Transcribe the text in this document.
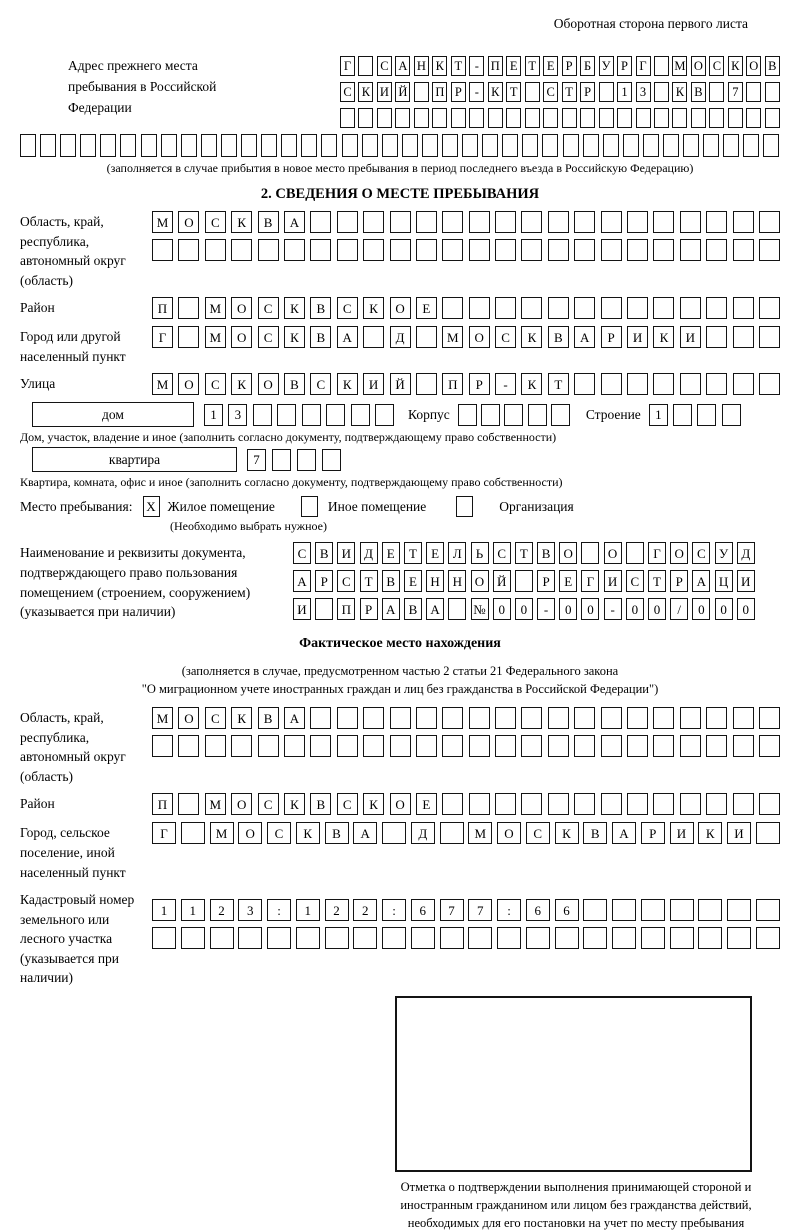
Оборотная сторона первого листа
Адрес прежнего места пребывания в Российской Федерации
Г	С А Н К Т	- П Е Т Е Р Б У Р Г	М О С К О В
С К И Й П Р	- К Т С Т Р	1 3	К В	7
(заполняется в случае прибытия в новое место пребывания в период последнего въезда в Российскую Федерацию)
2. СВЕДЕНИЯ О МЕСТЕ ПРЕБЫВАНИЯ
Область, край, республика, автономный округ (область)
М	О	С	К	В	А
Район	П	М	О	С	К	В	С	К	О	Е
Город или другой населенный пункт
Г	М	О	С	К	В	А	Д	М	О	С	К	В	А	Р	И	К	И
Улица	М	О	С	К	О	В	С	К	И	Й	П	Р	-	К	Т
дом	1	3	Корпус	Строение	1
Дом, участок, владение и иное (заполнить согласно документу, подтверждающему право собственности)
квартира	7
Квартира, комната, офис и иное (заполнить согласно документу, подтверждающему право собственности)
Место пребывания: X Жилое помещение	Иное помещение	Организация
(Необходимо выбрать нужное)
Наименование и реквизиты документа, подтверждающего право пользования помещением (строением, сооружением) (указывается при наличии)
С	В	И	Д	Е	Т	Е	Л	Ь	С	Т	В	О	О	Г	О	С	У	Д
А	Р	С	Т	В	Е	Н Н О Й	Р	Е	Г	И	С	Т	Р	А Ц И
И	П	Р	А	В	А	№ 0	0	-	0	0	-	0	0	/	0	0	0
Фактическое место нахождения
(заполняется в случае, предусмотренном частью 2 статьи 21 Федерального закона
"О миграционном учете иностранных граждан и лиц без гражданства в Российской Федерации")
Область, край, республика, автономный округ (область)
М	О	С	К	В	А
Район	П	М	О	С	К	В	С	К	О	Е
Город, сельское поселение, иной населенный пункт
Г	М	О	С	К	В	А	Д	М	О	С	К	В	А	Р	И	К	И
Кадастровый номер земельного или лесного участка (указывается при наличии)
1	1	2	3	:	1	2	2	:	6	7	7	:	6	6
Отметка о подтверждении выполнения принимающей стороной и иностранным гражданином или лицом без гражданства действий, необходимых для его постановки на учет по месту пребывания
